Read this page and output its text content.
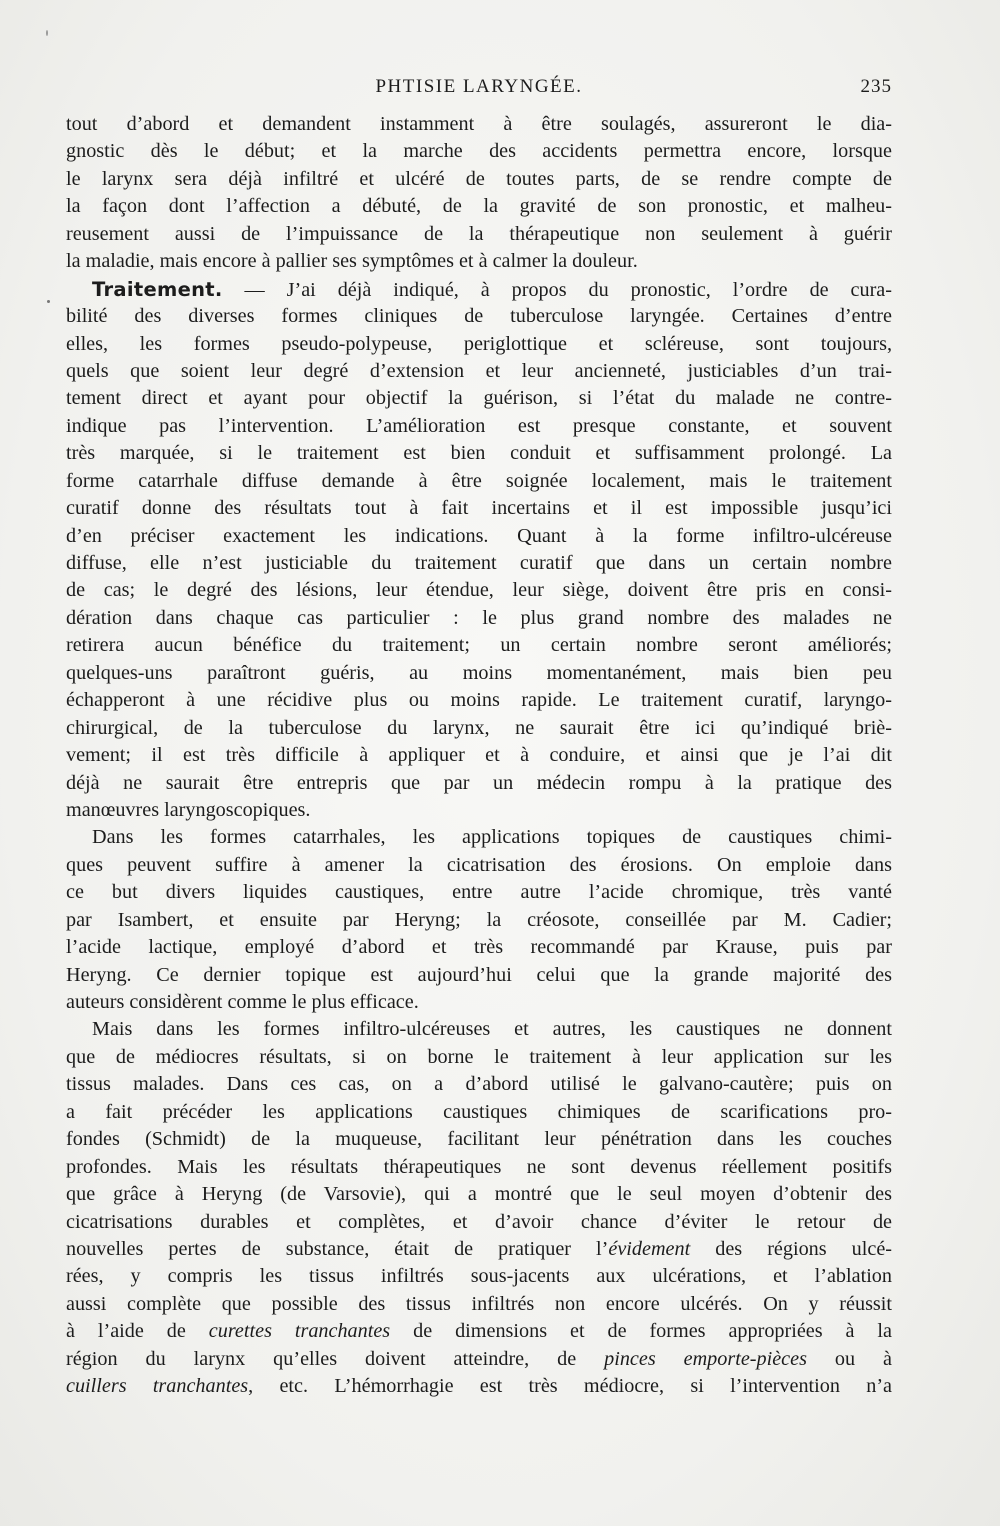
PHTISIE LARYNGÉE.	235
tout d’abord et demandent instamment à être soulagés, assureront le dia-
gnostic dès le début; et la marche des accidents permettra encore, lorsque
le larynx sera déjà infiltré et ulcéré de toutes parts, de se rendre compte de
la façon dont l’affection a débuté, de la gravité de son pronostic, et malheu-
reusement aussi de l’impuissance de la thérapeutique non seulement à guérir
la maladie, mais encore à pallier ses symptômes et à calmer la douleur.
Traitement. — J’ai déjà indiqué, à propos du pronostic, l’ordre de cura-
bilité des diverses formes cliniques de tuberculose laryngée. Certaines d’entre
elles, les formes pseudo-polypeuse, periglottique et scléreuse, sont toujours,
quels que soient leur degré d’extension et leur ancienneté, justiciables d’un trai-
tement direct et ayant pour objectif la guérison, si l’état du malade ne contre-
indique pas l’intervention. L’amélioration est presque constante, et souvent
très marquée, si le traitement est bien conduit et suffisamment prolongé. La
forme catarrhale diffuse demande à être soignée localement, mais le traitement
curatif donne des résultats tout à fait incertains et il est impossible jusqu’ici
d’en préciser exactement les indications. Quant à la forme infiltro-ulcéreuse
diffuse, elle n’est justiciable du traitement curatif que dans un certain nombre
de cas; le degré des lésions, leur étendue, leur siège, doivent être pris en consi-
dération dans chaque cas particulier : le plus grand nombre des malades ne
retirera aucun bénéfice du traitement; un certain nombre seront améliorés;
quelques-uns paraîtront guéris, au moins momentanément, mais bien peu
échapperont à une récidive plus ou moins rapide. Le traitement curatif, laryngo-
chirurgical, de la tuberculose du larynx, ne saurait être ici qu’indiqué briè-
vement; il est très difficile à appliquer et à conduire, et ainsi que je l’ai dit
déjà ne saurait être entrepris que par un médecin rompu à la pratique des
manœuvres laryngoscopiques.
Dans les formes catarrhales, les applications topiques de caustiques chimi-
ques peuvent suffire à amener la cicatrisation des érosions. On emploie dans
ce but divers liquides caustiques, entre autre l’acide chromique, très vanté
par Isambert, et ensuite par Heryng; la créosote, conseillée par M. Cadier;
l’acide lactique, employé d’abord et très recommandé par Krause, puis par
Heryng. Ce dernier topique est aujourd’hui celui que la grande majorité des
auteurs considèrent comme le plus efficace.
Mais dans les formes infiltro-ulcéreuses et autres, les caustiques ne donnent
que de médiocres résultats, si on borne le traitement à leur application sur les
tissus malades. Dans ces cas, on a d’abord utilisé le galvano-cautère; puis on
a fait précéder les applications caustiques chimiques de scarifications pro-
fondes (Schmidt) de la muqueuse, facilitant leur pénétration dans les couches
profondes. Mais les résultats thérapeutiques ne sont devenus réellement positifs
que grâce à Heryng (de Varsovie), qui a montré que le seul moyen d’obtenir des
cicatrisations durables et complètes, et d’avoir chance d’éviter le retour de
nouvelles pertes de substance, était de pratiquer l’évidement des régions ulcé-
rées, y compris les tissus infiltrés sous-jacents aux ulcérations, et l’ablation
aussi complète que possible des tissus infiltrés non encore ulcérés. On y réussit
à l’aide de curettes tranchantes de dimensions et de formes appropriées à la
région du larynx qu’elles doivent atteindre, de pinces emporte-pièces ou à
cuillers tranchantes, etc. L’hémorrhagie est très médiocre, si l’intervention n’a
